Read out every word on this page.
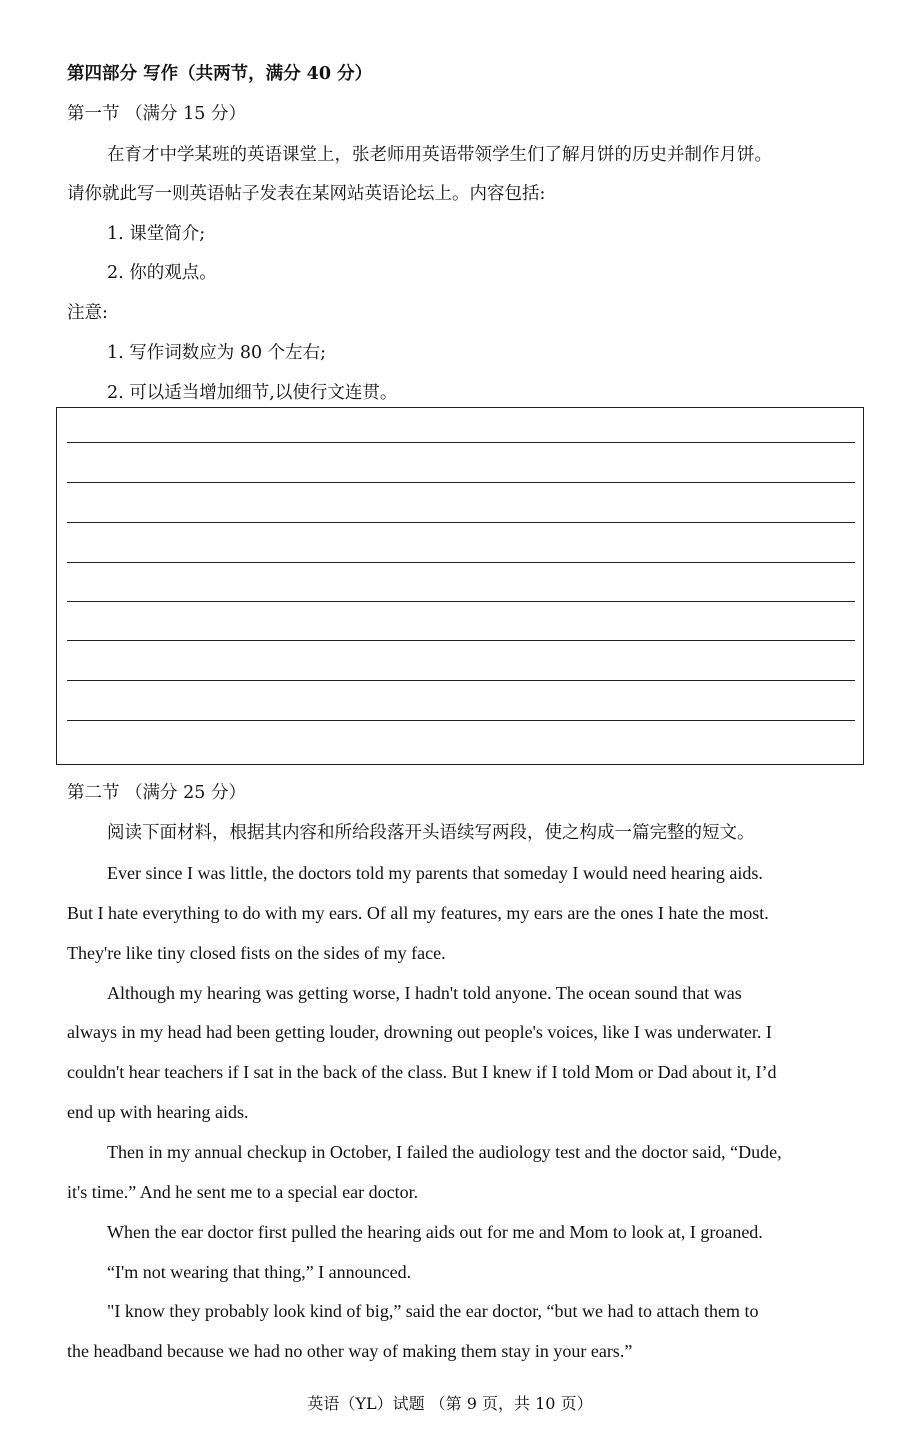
第四部分 写作（共两节，满分 40 分）
第一节 （满分 15 分）
在育才中学某班的英语课堂上，张老师用英语带领学生们了解月饼的历史并制作月饼。
请你就此写一则英语帖子发表在某网站英语论坛上。内容包括:
1. 课堂简介;
2. 你的观点。
注意:
1. 写作词数应为 80 个左右;
2. 可以适当增加细节,以使行文连贯。
第二节 （满分 25 分）
阅读下面材料，根据其内容和所给段落开头语续写两段，使之构成一篇完整的短文。
Ever since I was little, the doctors told my parents that someday I would need hearing aids.
But I hate everything to do with my ears. Of all my features, my ears are the ones I hate the most.
They're like tiny closed fists on the sides of my face.
Although my hearing was getting worse, I hadn't told anyone. The ocean sound that was
always in my head had been getting louder, drowning out people's voices, like I was underwater. I
couldn't hear teachers if I sat in the back of the class. But I knew if I told Mom or Dad about it, I’d
end up with hearing aids.
Then in my annual checkup in October, I failed the audiology test and the doctor said, “Dude,
it's time.” And he sent me to a special ear doctor.
When the ear doctor first pulled the hearing aids out for me and Mom to look at, I groaned.
“I'm not wearing that thing,” I announced.
"I know they probably look kind of big,” said the ear doctor, “but we had to attach them to
the headband because we had no other way of making them stay in your ears.”
英语（YL）试题 （第 9 页，共 10 页）
